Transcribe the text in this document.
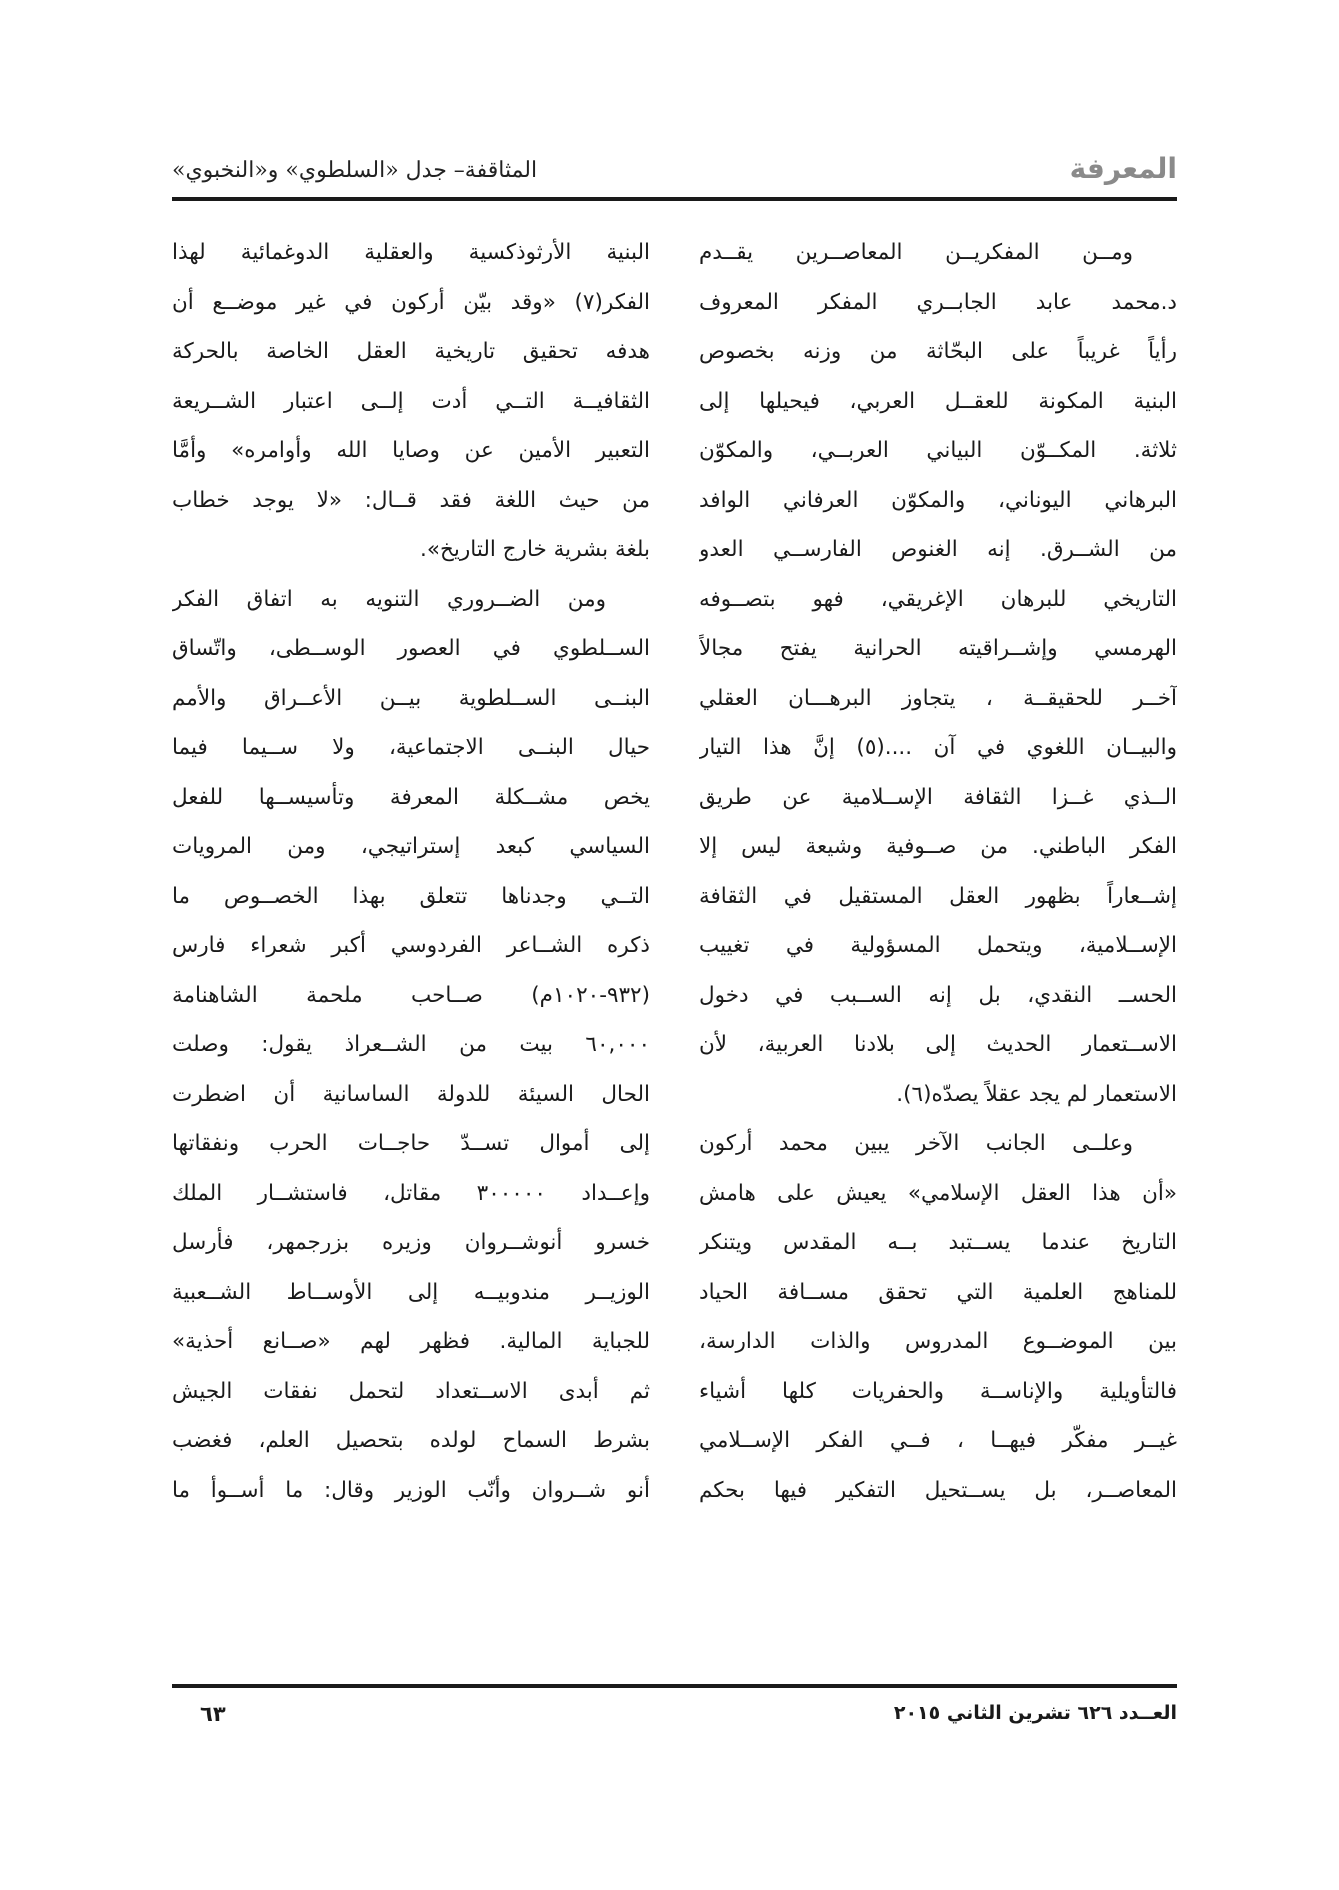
المعرفة
المثاقفة– جدل «السلطوي» و«النخبوي»
ومــن المفكريــن المعاصــرين يقــدم
د.محمد عابد الجابــري المفكر المعروف
رأياً غريباً على البحّاثة من وزنه بخصوص
البنية المكونة للعقــل العربي، فيحيلها إلى
ثلاثة. المكــوّن البياني العربــي، والمكوّن
البرهاني اليوناني، والمكوّن العرفاني الوافد
من الشــرق. إنه الغنوص الفارســي العدو
التاريخي للبرهان الإغريقي، فهو بتصــوفه
الهرمسي وإشــراقيته الحرانية يفتح مجالاً
آخــر للحقيقــة ، يتجاوز البرهـــان العقلي
والبيــان اللغوي في آن ....(٥) إنَّ هذا التيار
الــذي غــزا الثقافة الإســلامية عن طريق
الفكر الباطني. من صــوفية وشيعة ليس إلا
إشــعاراً بظهور العقل المستقيل في الثقافة
الإســلامية، ويتحمل المسؤولية في تغييب
الحســ النقدي، بل إنه الســبب في دخول
الاســتعمار الحديث إلى بلادنا العربية، لأن
الاستعمار لم يجد عقلاً يصدّه(٦).
وعلــى الجانب الآخر يبين محمد أركون
«أن هذا العقل الإسلامي» يعيش على هامش
التاريخ عندما يســتبد بــه المقدس ويتنكر
للمناهج العلمية التي تحقق مســافة الحياد
بين الموضــوع المدروس والذات الدارسة،
فالتأويلية والإناســة والحفريات كلها أشياء
غيــر مفكّر فيهــا ، فــي الفكر الإســلامي
المعاصــر، بل يســتحيل التفكير فيها بحكم
البنية الأرثوذكسية والعقلية الدوغمائية لهذا
الفكر(٧) «وقد بيّن أركون في غير موضــع أن
هدفه تحقيق تاريخية العقل الخاصة بالحركة
الثقافيــة التــي أدت إلــى اعتبار الشــريعة
التعبير الأمين عن وصايا الله وأوامره» وأمَّا
من حيث اللغة فقد قــال: «لا يوجد خطاب
بلغة بشرية خارج التاريخ».
ومن الضــروري التنويه به اتفاق الفكر
الســلطوي في العصور الوســطى، واتّساق
البنــى الســلطوية بيــن الأعــراق والأمم
حيال البنــى الاجتماعية، ولا ســيما فيما
يخص مشــكلة المعرفة وتأسيســها للفعل
السياسي كبعد إستراتيجي، ومن المرويات
التــي وجدناها تتعلق بهذا الخصــوص ما
ذكره الشــاعر الفردوسي أكبر شعراء فارس
(٩٣٢-١٠٢٠م) صــاحب ملحمة الشاهنامة
٦٠,٠٠٠ بيت من الشــعراذ يقول: وصلت
الحال السيئة للدولة الساسانية أن اضطرت
إلى أموال تســدّ حاجــات الحرب ونفقاتها
وإعــداد ٣٠٠٠٠٠ مقاتل، فاستشــار الملك
خسرو أنوشــروان وزيره بزرجمهر، فأرسل
الوزيــر مندوبيــه إلى الأوســاط الشــعبية
للجباية المالية. فظهر لهم «صــانع أحذية»
ثم أبدى الاســتعداد لتحمل نفقات الجيش
بشرط السماح لولده بتحصيل العلم، فغضب
أنو شــروان وأنّب الوزير وقال: ما أســوأ ما
العــدد ٦٢٦ تشرين الثاني ٢٠١٥
٦٣
